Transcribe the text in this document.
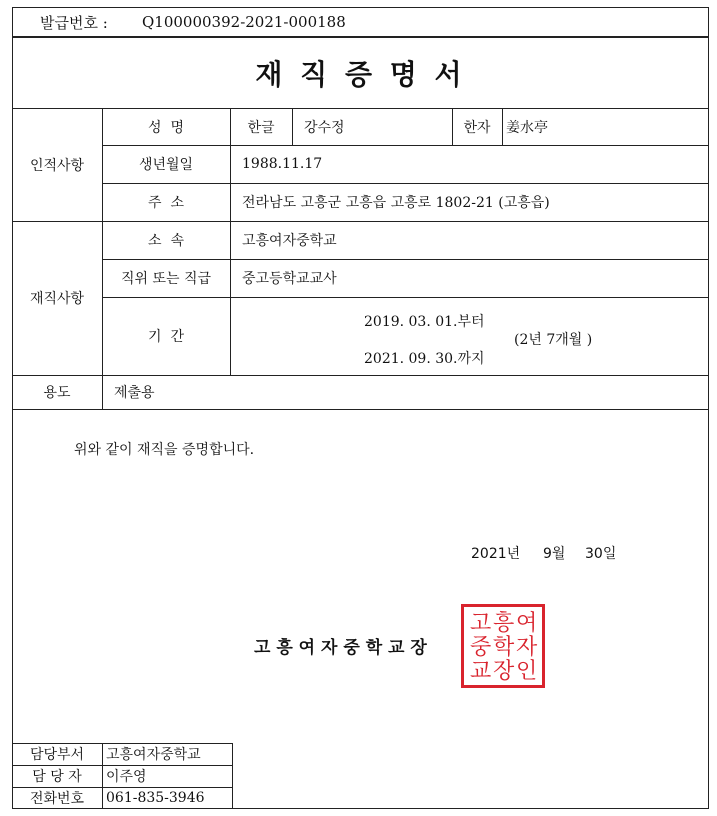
발급번호 : Q100000392-2021-000188
재 직 증 명 서
인적사항
성  명	한글	강수정	한자	姜水亭
생년월일	1988.11.17
주  소	전라남도 고흥군 고흥읍 고흥로 1802-21 (고흥읍)
재직사항
소  속	고흥여자중학교
직위 또는 직급	중고등학교교사
기  간
2019. 03. 01.부터
2021. 09. 30.까지
(2년 7개월 )
용도	제출용
위와 같이 재직을 증명합니다.
2021년 9월 30일
고 흥 여 자 중 학 교 장
고 흥 여
중 학 자
교 장 인
담당부서	고흥여자중학교
담 당 자	이주영
전화번호	061-835-3946
